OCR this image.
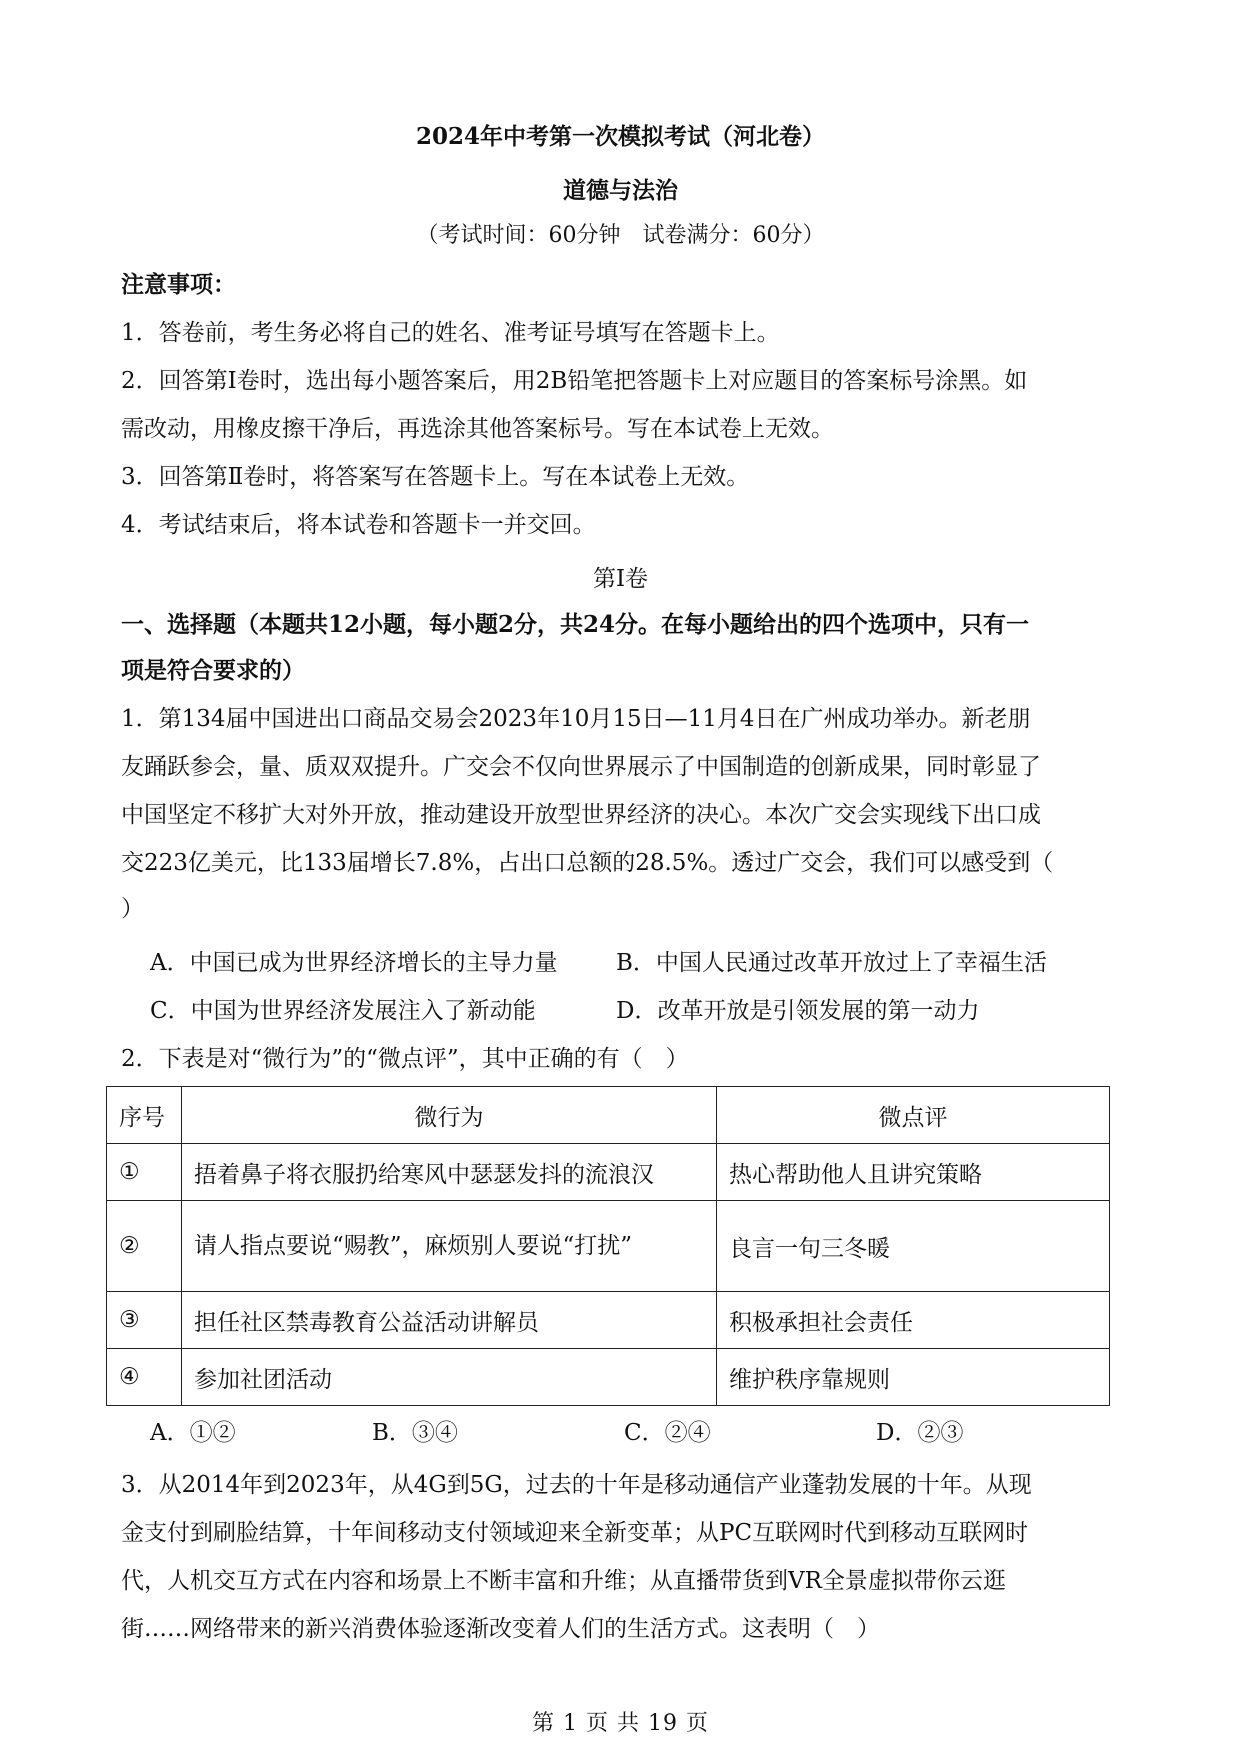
2024年中考第一次模拟考试（河北卷）
道德与法治
（考试时间：60分钟　试卷满分：60分）
注意事项：
1．答卷前，考生务必将自己的姓名、准考证号填写在答题卡上。
2．回答第Ⅰ卷时，选出每小题答案后，用2B铅笔把答题卡上对应题目的答案标号涂黑。如
需改动，用橡皮擦干净后，再选涂其他答案标号。写在本试卷上无效。
3．回答第Ⅱ卷时，将答案写在答题卡上。写在本试卷上无效。
4．考试结束后，将本试卷和答题卡一并交回。
第Ⅰ卷
一、选择题（本题共12小题，每小题2分，共24分。在每小题给出的四个选项中，只有一
项是符合要求的）
1．第134届中国进出口商品交易会2023年10月15日—11月4日在广州成功举办。新老朋
友踊跃参会，量、质双双提升。广交会不仅向世界展示了中国制造的创新成果，同时彰显了
中国坚定不移扩大对外开放，推动建设开放型世界经济的决心。本次广交会实现线下出口成
交223亿美元，比133届增长7.8%，占出口总额的28.5%。透过广交会，我们可以感受到（
）
A．中国已成为世界经济增长的主导力量	B．中国人民通过改革开放过上了幸福生活
C．中国为世界经济发展注入了新动能	D．改革开放是引领发展的第一动力
2．下表是对“微行为”的“微点评”，其中正确的有（　）
序号	微行为	微点评
①	捂着鼻子将衣服扔给寒风中瑟瑟发抖的流浪汉	热心帮助他人且讲究策略
②	请人指点要说“赐教”，麻烦别人要说“打扰”	良言一句三冬暖
③	担任社区禁毒教育公益活动讲解员	积极承担社会责任
④	参加社团活动	维护秩序靠规则
A．①②	B．③④	C．②④	D．②③
3．从2014年到2023年，从4G到5G，过去的十年是移动通信产业蓬勃发展的十年。从现
金支付到刷脸结算，十年间移动支付领域迎来全新变革；从PC互联网时代到移动互联网时
代，人机交互方式在内容和场景上不断丰富和升维；从直播带货到VR全景虚拟带你云逛
街……网络带来的新兴消费体验逐渐改变着人们的生活方式。这表明（　）
第 1 页 共 19 页
